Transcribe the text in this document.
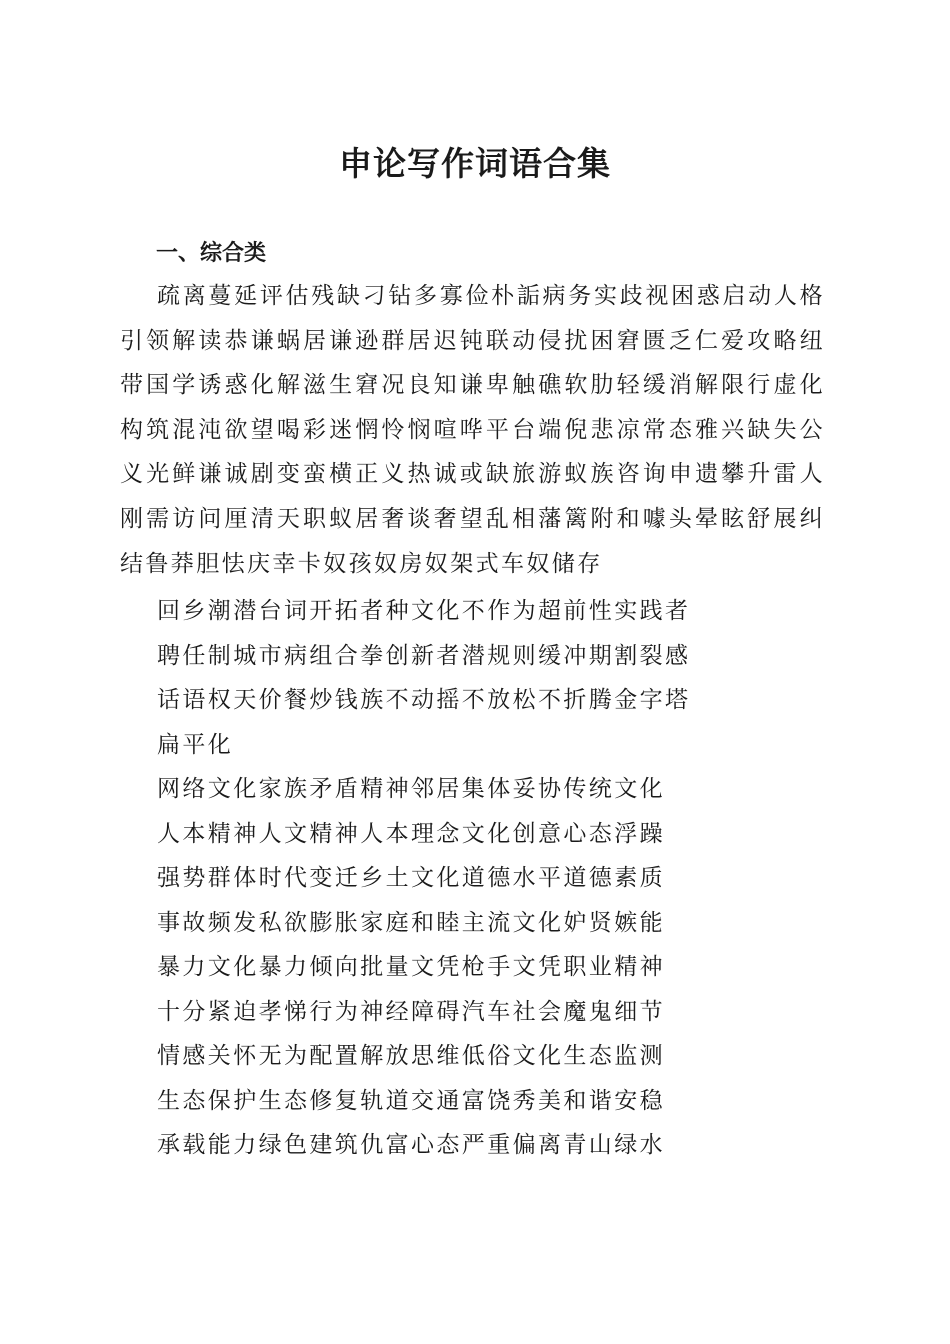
申论写作词语合集
一、综合类

疏离蔓延评估残缺刁钻多寡俭朴詬病务实歧视困惑启动人格引领解读恭谦蜗居谦逊群居迟钝联动侵扰困窘匮乏仁爱攻略纽带国学诱惑化解滋生窘况良知谦卑触礁软肋轻缓消解限行虚化构筑混沌欲望喝彩迷惘怜悯喧哗平台端倪悲凉常态雅兴缺失公义光鲜谦诚剧变蛮横正义热诚或缺旅游蚁族咨询申遗攀升雷人刚需访问厘清天职蚁居奢谈奢望乱相藩篱附和噱头晕眩舒展纠结鲁莽胆怯庆幸卡奴孩奴房奴架式车奴储存

回乡潮潜台词开拓者种文化不作为超前性实践者
聘任制城市病组合拳创新者潜规则缓冲期割裂感
话语权天价餐炒钱族不动摇不放松不折腾金字塔
扁平化
网络文化家族矛盾精神邻居集体妥协传统文化
人本精神人文精神人本理念文化创意心态浮躁
强势群体时代变迁乡土文化道德水平道德素质
事故频发私欲膨胀家庭和睦主流文化妒贤嫉能
暴力文化暴力倾向批量文凭枪手文凭职业精神
十分紧迫孝悌行为神经障碍汽车社会魔鬼细节
情感关怀无为配置解放思维低俗文化生态监测
生态保护生态修复轨道交通富饶秀美和谐安稳
承载能力绿色建筑仇富心态严重偏离青山绿水
